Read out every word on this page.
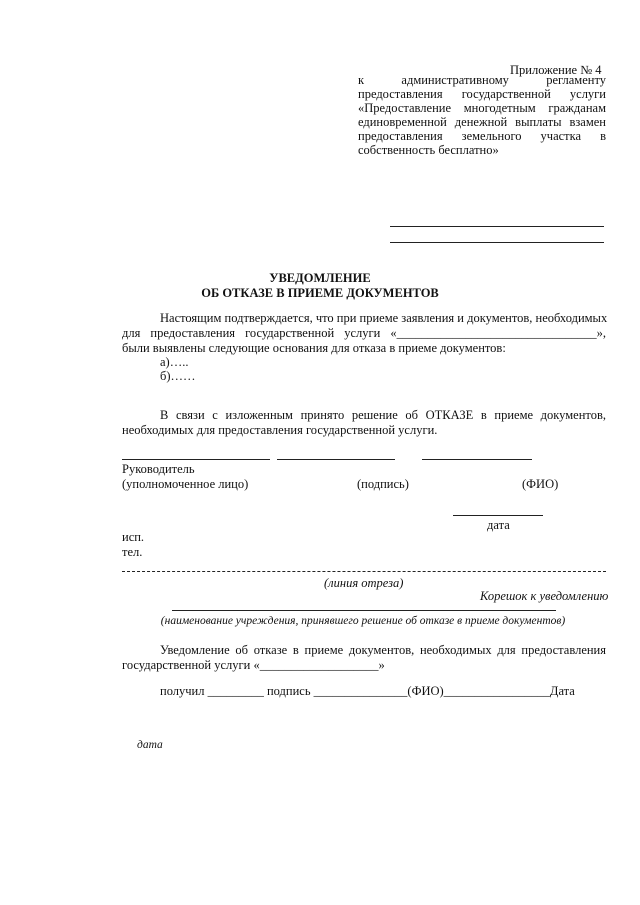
Приложение № 4
к административному регламенту
предоставления государственной услуги
«Предоставление многодетным гражданам
единовременной денежной выплаты взамен
предоставления земельного участка в
собственность бесплатно»
УВЕДОМЛЕНИЕ
ОБ ОТКАЗЕ В ПРИЕМЕ ДОКУМЕНТОВ
Настоящим подтверждается, что при приеме заявления и документов, необходимых
для предоставления государственной услуги «________________________________»,
были выявлены следующие основания для отказа в приеме документов:
а)…..
б)……
В связи с изложенным принято решение об ОТКАЗЕ в приеме документов,
необходимых для предоставления государственной услуги.
Руководитель
(уполномоченное лицо)	(подпись)	(ФИО)
дата
исп.
тел.
(линия отреза)
Корешок к уведомлению
(наименование учреждения, принявшего решение об отказе в приеме документов)
Уведомление об отказе в приеме документов, необходимых для предоставления
государственной услуги «___________________»
получил _________ подпись _______________(ФИО)_________________Дата
дата
